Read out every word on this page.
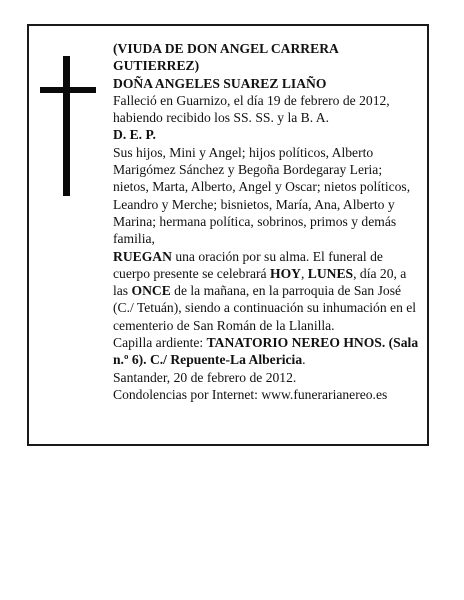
(VIUDA DE DON ANGEL CARRERA

GUTIERREZ)

DOÑA ANGELES SUAREZ LIAÑO

Falleció en Guarnizo, el día 19 de febrero de 2012, habiendo recibido los SS. SS. y la B. A.

D. E. P.

Sus hijos, Mini y Angel; hijos políticos, Alberto Marigómez Sánchez y Begoña Bordegaray Leria; nietos, Marta, Alberto, Angel y Oscar; nietos políticos, Leandro y Merche; bisnietos, María, Ana, Alberto y Marina; hermana política, sobrinos, primos y demás familia,

RUEGAN una oración por su alma. El funeral de cuerpo presente se celebrará HOY, LUNES, día 20, a las ONCE de la mañana, en la parroquia de San José (C./ Tetuán), siendo a continuación su inhumación en el cementerio de San Román de la Llanilla.

Capilla ardiente: TANATORIO NEREO HNOS. (Sala n.º 6). C./ Repuente-La Albericia.

Santander, 20 de febrero de 2012.

Condolencias por Internet: www.funerarianereo.es
